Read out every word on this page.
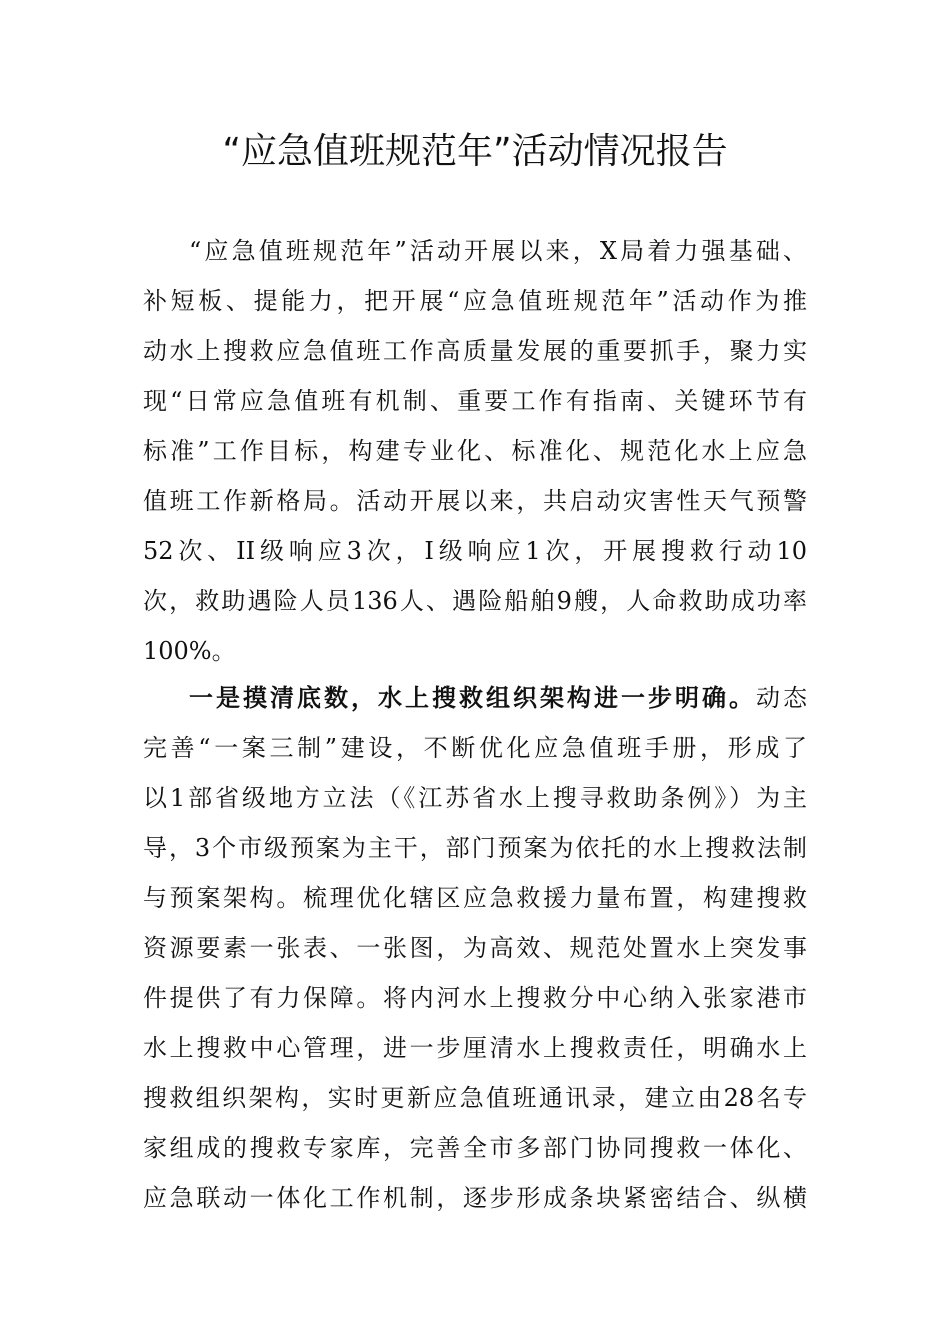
“应急值班规范年”活动情况报告
“应急值班规范年”活动开展以来，X局着力强基础、
补短板、提能力，把开展“应急值班规范年”活动作为推
动水上搜救应急值班工作高质量发展的重要抓手，聚力实
现“日常应急值班有机制、重要工作有指南、关键环节有
标准”工作目标，构建专业化、标准化、规范化水上应急
值班工作新格局。活动开展以来，共启动灾害性天气预警
52次、II级响应3次，Ⅰ级响应1次，开展搜救行动10
次，救助遇险人员136人、遇险船舶9艘，人命救助成功率
100%。
一是摸清底数，水上搜救组织架构进一步明确。动态
完善“一案三制”建设，不断优化应急值班手册，形成了
以1部省级地方立法（《江苏省水上搜寻救助条例》）为主
导，3个市级预案为主干，部门预案为依托的水上搜救法制
与预案架构。梳理优化辖区应急救援力量布置，构建搜救
资源要素一张表、一张图，为高效、规范处置水上突发事
件提供了有力保障。将内河水上搜救分中心纳入张家港市
水上搜救中心管理，进一步厘清水上搜救责任，明确水上
搜救组织架构，实时更新应急值班通讯录，建立由28名专
家组成的搜救专家库，完善全市多部门协同搜救一体化、
应急联动一体化工作机制，逐步形成条块紧密结合、纵横
